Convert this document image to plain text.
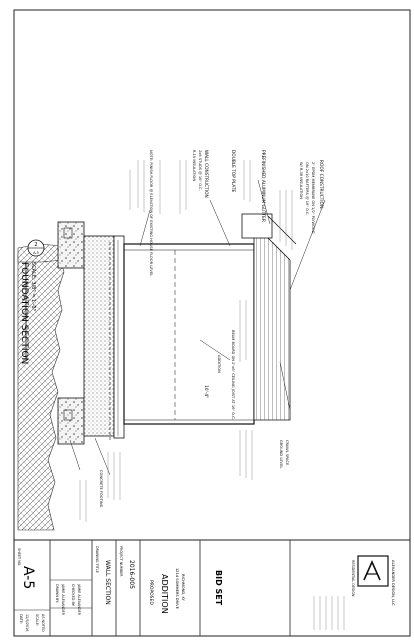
ROOF CONSTRUCTION:
2" EPDM MEMBRANE ON 1/2" PLYWOOD
ON 2x10 RAFTERS @ 16" O.C.
W/ R-38 INSULATION
DOUBLE TOP PLATE	PREFINISHED ALUMINUM GUTTER
WALL CONSTRUCTION
2x6 STUDS @ 16" O.C.
R-19 INSULATION
NOTE: FINISH FLOOR @ ELEVATION OF EXISTING HOUSE FLOOR LEVEL
BEAM BOARD ON 2"x6" CEILING JOIST AT 16" O.C.
10'-4"
ADDITION
CRAWL SPACE
GROUND LEVEL
CONCRETE FOOTING
2
A-5
FOUNDATION SECTION SCALE: 3/8" = 1'-0"
SHEET NO.
A-5
DATE: 12/5/2016 SCALE: AS NOTED
DRAWN BY: JAMIE ALEXANDER CHECKED BY: JAMIE ALEXANDER
DRAWING TITLE
WALL SECTION PROJECT NUMBER 2016-005
PROPOSED ADDITION 1214 SOMMERS DRIVE RICHMOND, KY	BID SET	ALEXANDER DESIGN, LLC
RESIDENTIAL DESIGN
